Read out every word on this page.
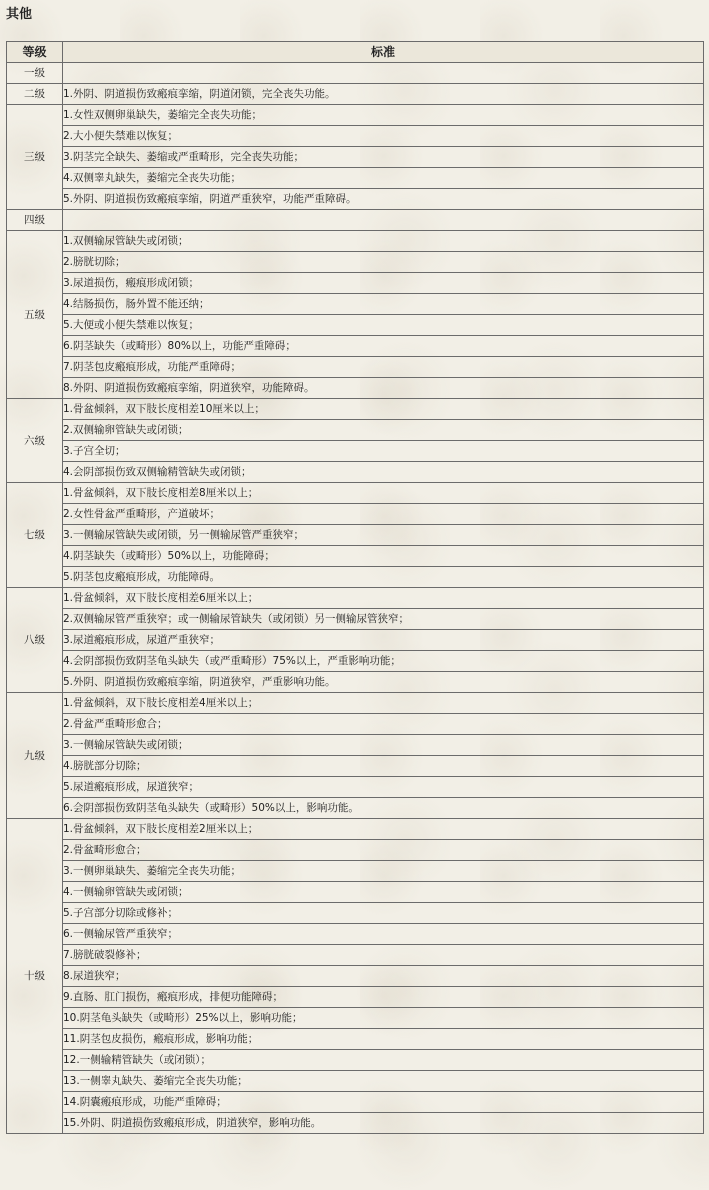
其他
等级	标准
一级	
二级	1.外阴、阴道损伤致瘢痕挛缩，阴道闭锁，完全丧失功能。
三级	1.女性双侧卵巢缺失，萎缩完全丧失功能；
	2.大小便失禁难以恢复；
	3.阴茎完全缺失、萎缩或严重畸形，完全丧失功能；
	4.双侧睾丸缺失，萎缩完全丧失功能；
	5.外阴、阴道损伤致瘢痕挛缩，阴道严重狭窄，功能严重障碍。
四级	
五级	1.双侧输尿管缺失或闭锁；
	2.膀胱切除；
	3.尿道损伤，瘢痕形成闭锁；
	4.结肠损伤，肠外置不能还纳；
	5.大便或小便失禁难以恢复；
	6.阴茎缺失（或畸形）80%以上，功能严重障碍；
	7.阴茎包皮瘢痕形成，功能严重障碍；
	8.外阴、阴道损伤致瘢痕挛缩，阴道狭窄，功能障碍。
六级	1.骨盆倾斜，双下肢长度相差10厘米以上；
	2.双侧输卵管缺失或闭锁；
	3.子宫全切；
	4.会阴部损伤致双侧输精管缺失或闭锁；
七级	1.骨盆倾斜，双下肢长度相差8厘米以上；
	2.女性骨盆严重畸形，产道破坏；
	3.一侧输尿管缺失或闭锁，另一侧输尿管严重狭窄；
	4.阴茎缺失（或畸形）50%以上，功能障碍；
	5.阴茎包皮瘢痕形成，功能障碍。
八级	1.骨盆倾斜，双下肢长度相差6厘米以上；
	2.双侧输尿管严重狭窄；或一侧输尿管缺失（或闭锁）另一侧输尿管狭窄；
	3.尿道瘢痕形成，尿道严重狭窄；
	4.会阴部损伤致阴茎龟头缺失（或严重畸形）75%以上，严重影响功能；
	5.外阴、阴道损伤致瘢痕挛缩，阴道狭窄，严重影响功能。
九级	1.骨盆倾斜，双下肢长度相差4厘米以上；
	2.骨盆严重畸形愈合；
	3.一侧输尿管缺失或闭锁；
	4.膀胱部分切除；
	5.尿道瘢痕形成，尿道狭窄；
	6.会阴部损伤致阴茎龟头缺失（或畸形）50%以上，影响功能。
十级	1.骨盆倾斜，双下肢长度相差2厘米以上；
	2.骨盆畸形愈合；
	3.一侧卵巢缺失、萎缩完全丧失功能；
	4.一侧输卵管缺失或闭锁；
	5.子宫部分切除或修补；
	6.一侧输尿管严重狭窄；
	7.膀胱破裂修补；
	8.尿道狭窄；
	9.直肠、肛门损伤，瘢痕形成，排便功能障碍；
	10.阴茎龟头缺失（或畸形）25%以上，影响功能；
	11.阴茎包皮损伤，瘢痕形成，影响功能；
	12.一侧输精管缺失（或闭锁）；
	13.一侧睾丸缺失、萎缩完全丧失功能；
	14.阴囊瘢痕形成，功能严重障碍；
	15.外阴、阴道损伤致瘢痕形成，阴道狭窄，影响功能。
